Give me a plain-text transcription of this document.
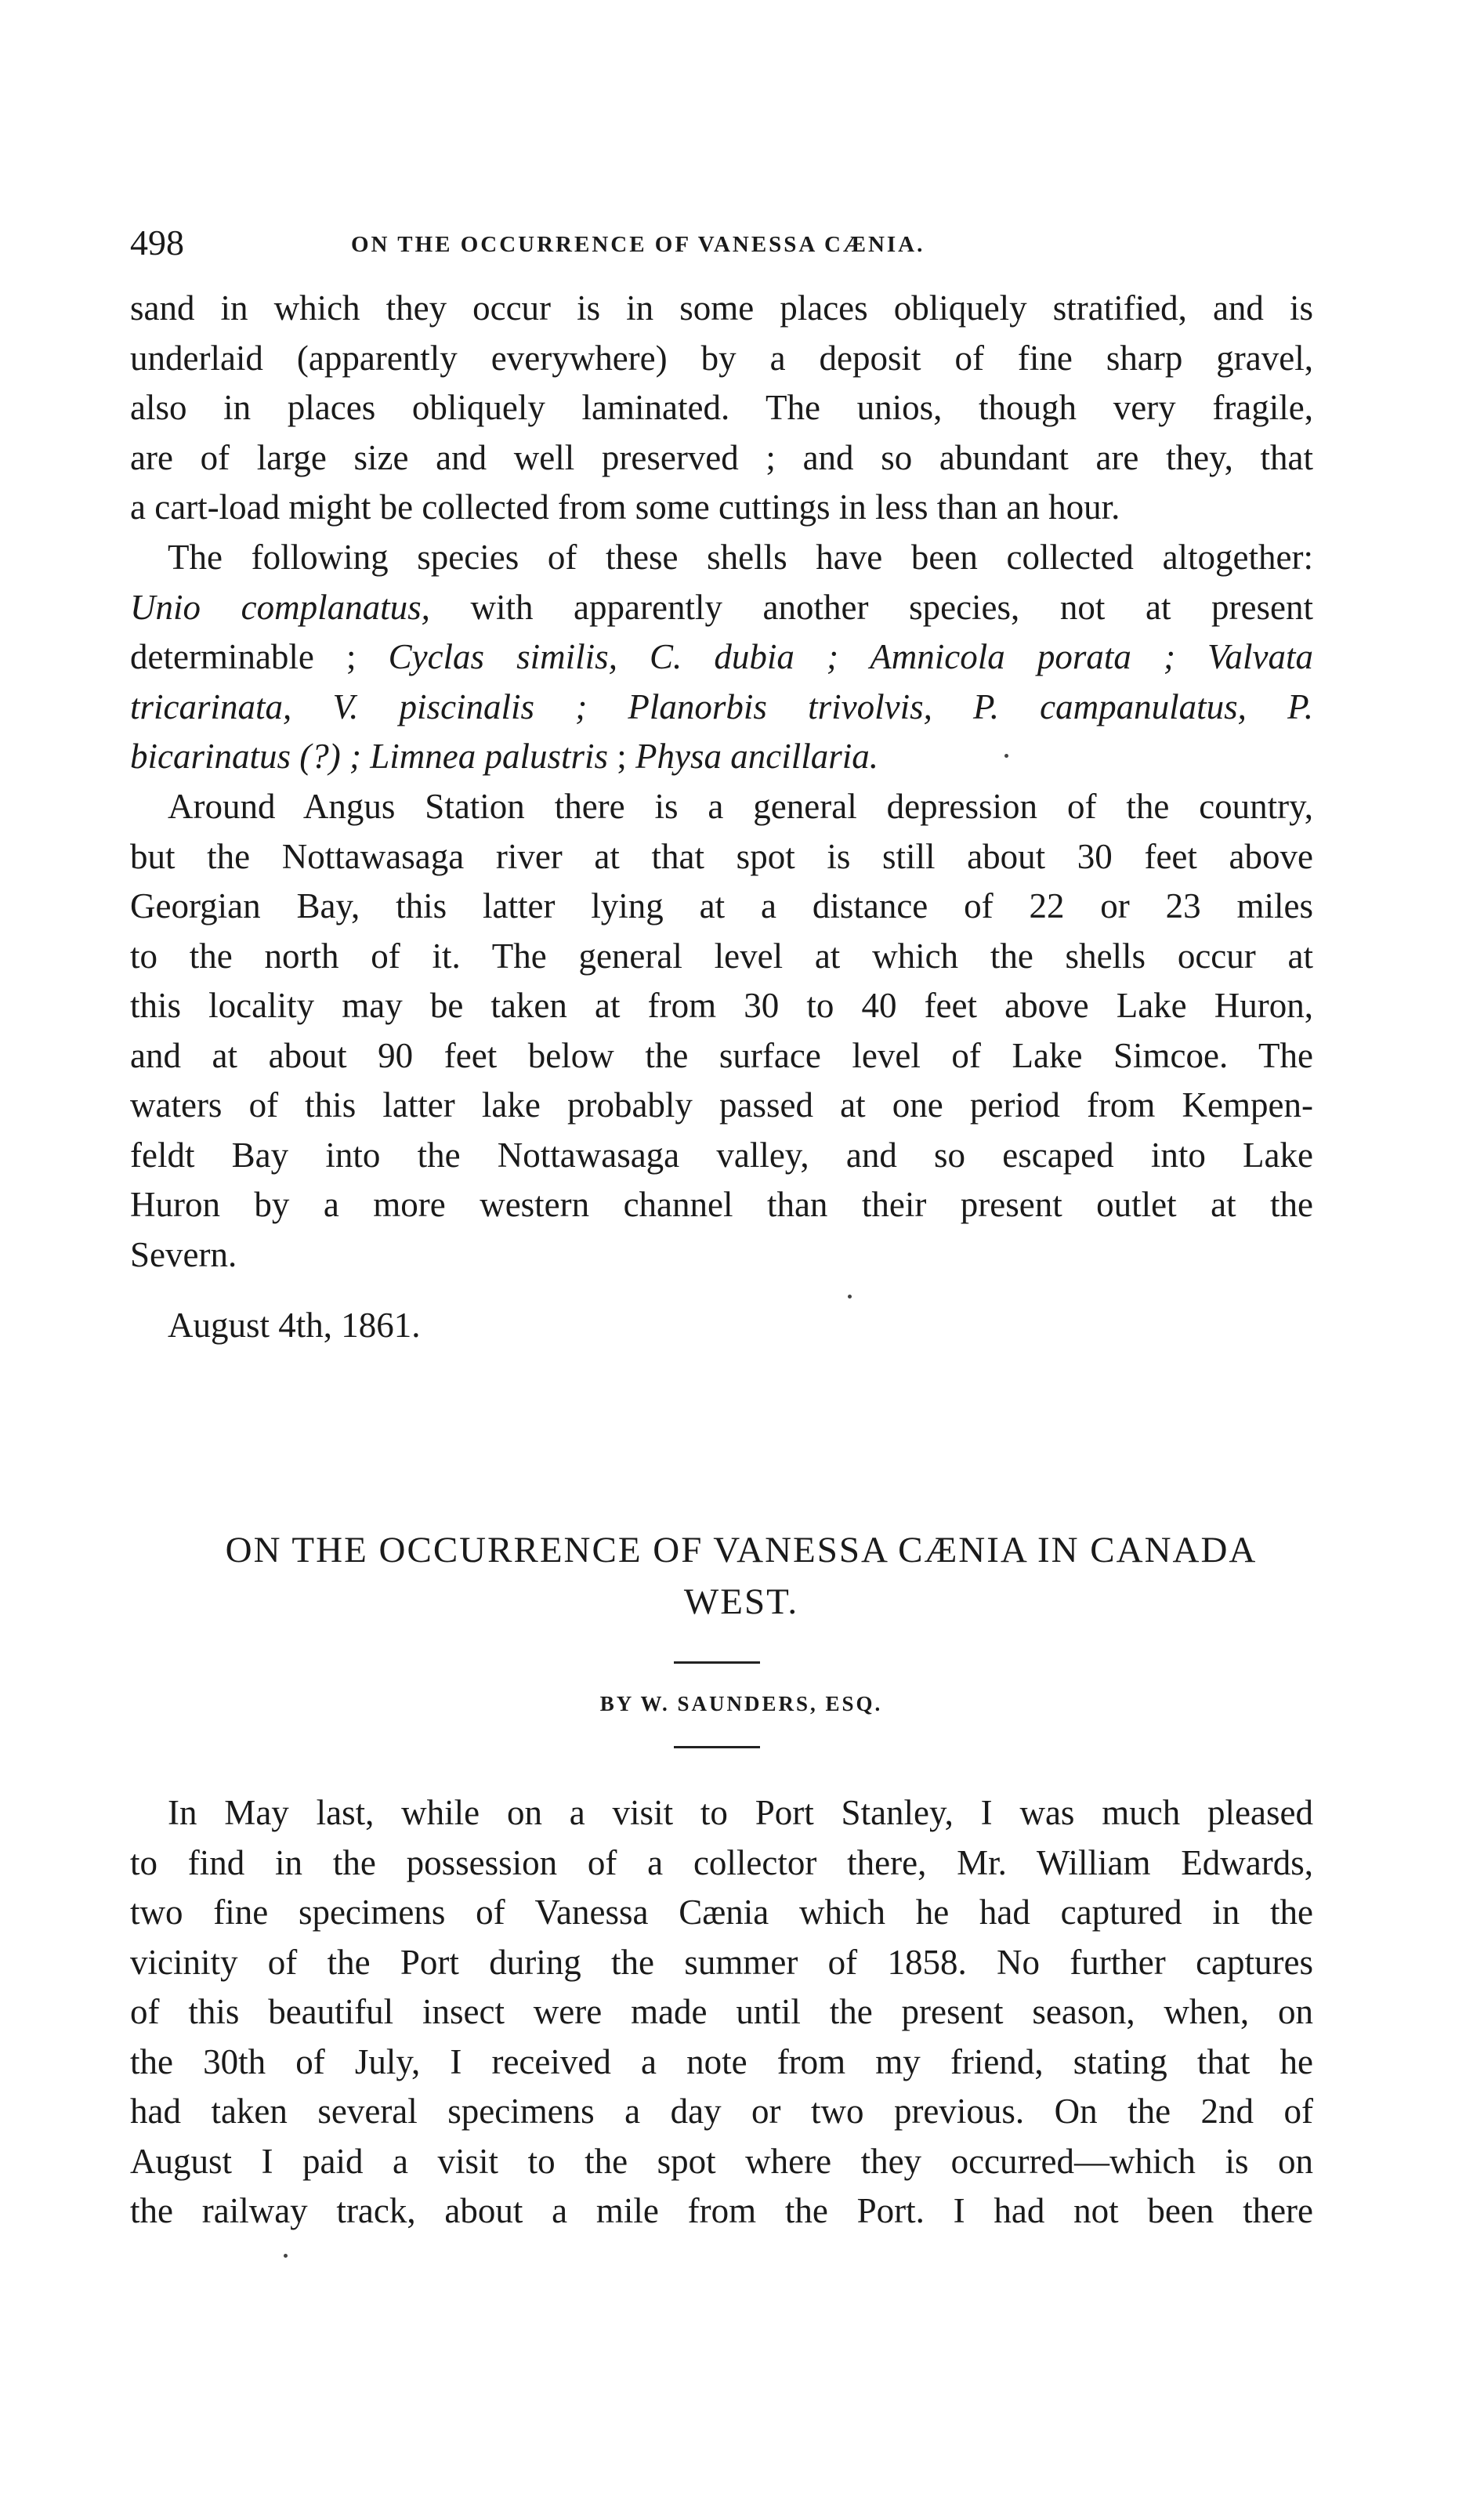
498	ON THE OCCURRENCE OF VANESSA CÆNIA.
sand in which they occur is in some places obliquely stratified, and is
underlaid (apparently everywhere) by a deposit of fine sharp gravel,
also in places obliquely laminated. The unios, though very fragile,
are of large size and well preserved ; and so abundant are they, that
a cart-load might be collected from some cuttings in less than an hour.
The following species of these shells have been collected altogether:
Unio complanatus, with apparently another species, not at present
determinable ; Cyclas similis, C. dubia ; Amnicola porata ; Valvata
tricarinata, V. piscinalis ; Planorbis trivolvis, P. campanulatus, P.
bicarinatus (?) ; Limnea palustris ; Physa ancillaria.
Around Angus Station there is a general depression of the country,
but the Nottawasaga river at that spot is still about 30 feet above
Georgian Bay, this latter lying at a distance of 22 or 23 miles
to the north of it. The general level at which the shells occur at
this locality may be taken at from 30 to 40 feet above Lake Huron,
and at about 90 feet below the surface level of Lake Simcoe. The
waters of this latter lake probably passed at one period from Kempen-
feldt Bay into the Nottawasaga valley, and so escaped into Lake
Huron by a more western channel than their present outlet at the
Severn.
August 4th, 1861.
ON THE OCCURRENCE OF VANESSA CÆNIA IN CANADA
WEST.
BY W. SAUNDERS, ESQ.
In May last, while on a visit to Port Stanley, I was much pleased
to find in the possession of a collector there, Mr. William Edwards,
two fine specimens of Vanessa Cænia which he had captured in the
vicinity of the Port during the summer of 1858. No further captures
of this beautiful insect were made until the present season, when, on
the 30th of July, I received a note from my friend, stating that he
had taken several specimens a day or two previous. On the 2nd of
August I paid a visit to the spot where they occurred—which is on
the railway track, about a mile from the Port. I had not been there
